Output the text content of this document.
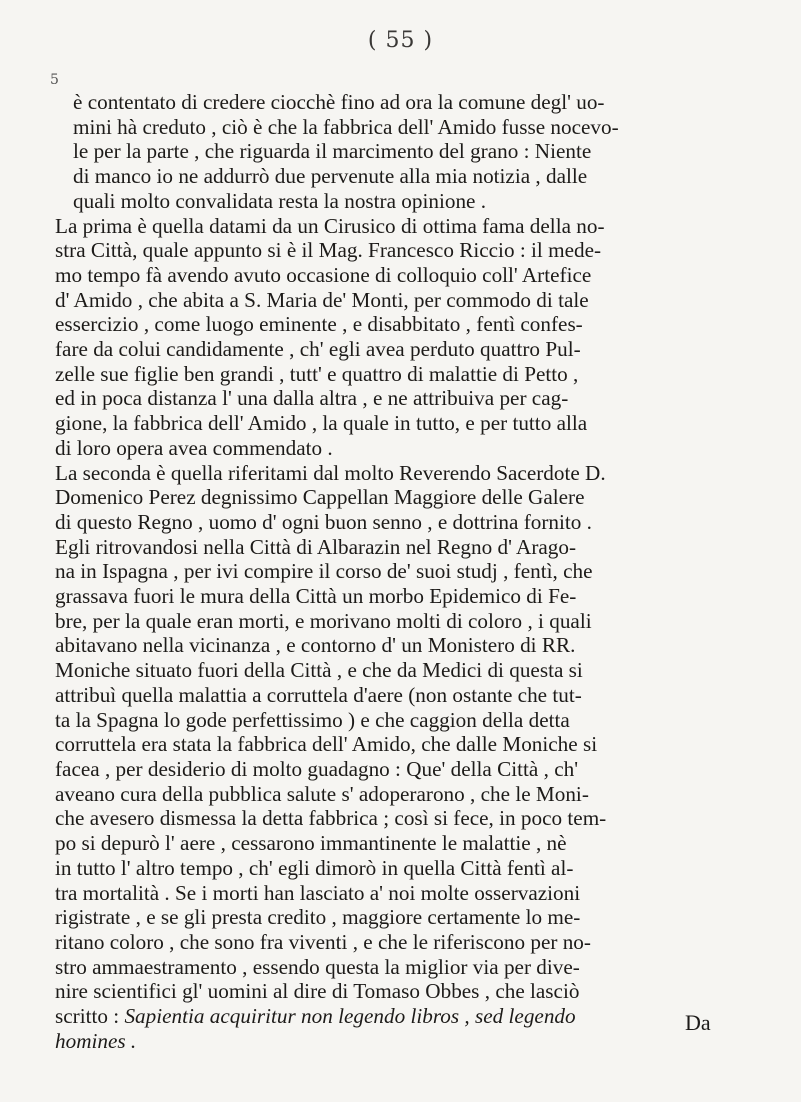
( 55 )
5
è contentato di credere ciocchè fino ad ora la comune degl' uo-
mini hà creduto , ciò è che la fabbrica dell' Amido fusse nocevo-
le per la parte , che riguarda il marcimento del grano : Niente
di manco io ne addurrò due pervenute alla mia notizia , dalle
quali molto convalidata resta la nostra opinione .
La prima è quella datami da un Cirusico di ottima fama della no-
stra Città, quale appunto si è il Mag. Francesco Riccio : il mede-
mo tempo fà avendo avuto occasione di colloquio coll' Artefice
d' Amido , che abita a S. Maria de' Monti, per commodo di tale
essercizio , come luogo eminente , e disabbitato , fentì confes-
fare da colui candidamente , ch' egli avea perduto quattro Pul-
zelle sue figlie ben grandi , tutt' e quattro di malattie di Petto ,
ed in poca distanza l' una dalla altra , e ne attribuiva per cag-
gione, la fabbrica dell' Amido , la quale in tutto, e per tutto alla
di loro opera avea commendato .
La seconda è quella riferitami dal molto Reverendo Sacerdote D.
Domenico Perez degnissimo Cappellan Maggiore delle Galere
di questo Regno , uomo d' ogni buon senno , e dottrina fornito .
Egli ritrovandosi nella Città di Albarazin nel Regno d' Arago-
na in Ispagna , per ivi compire il corso de' suoi studj , fentì, che
grassava fuori le mura della Città un morbo Epidemico di Fe-
bre, per la quale eran morti, e morivano molti di coloro , i quali
abitavano nella vicinanza , e contorno d' un Monistero di RR.
Moniche situato fuori della Città , e che da Medici di questa si
attribuì quella malattia a corruttela d'aere (non ostante che tut-
ta la Spagna lo gode perfettissimo ) e che caggion della detta
corruttela era stata la fabbrica dell' Amido, che dalle Moniche si
facea , per desiderio di molto guadagno : Que' della Città , ch'
aveano cura della pubblica salute s' adoperarono , che le Moni-
che avesero dismessa la detta fabbrica ; così si fece, in poco tem-
po si depurò l' aere , cessarono immantinente le malattie , nè
in tutto l' altro tempo , ch' egli dimorò in quella Città fentì al-
tra mortalità . Se i morti han lasciato a' noi molte osservazioni
rigistrate , e se gli presta credito , maggiore certamente lo me-
ritano coloro , che sono fra viventi , e che le riferiscono per no-
stro ammaestramento , essendo questa la miglior via per dive-
nire scientifici gl' uomini al dire di Tomaso Obbes , che lasciò
scritto : Sapientia acquiritur non legendo libros , sed legendo
homines .
Da
